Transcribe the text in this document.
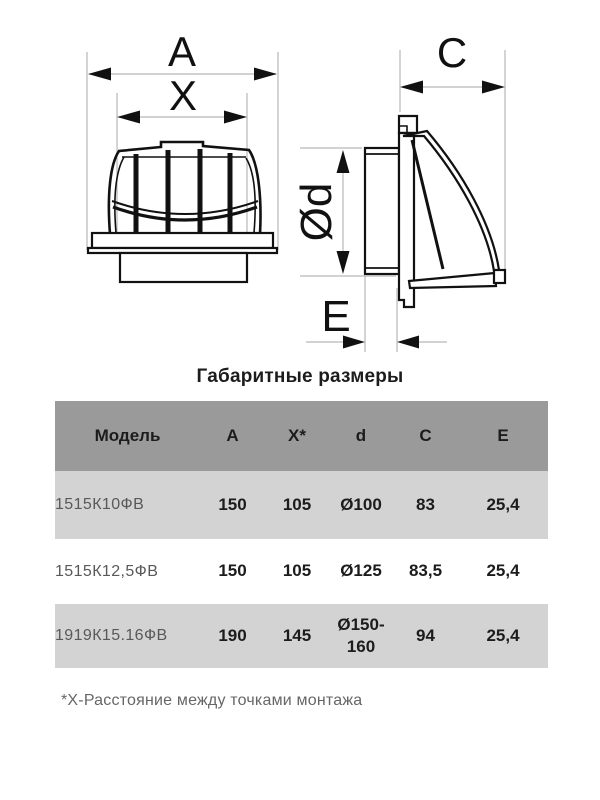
A
X
C
Ød
E
Габаритные размеры
Модель	A	X*	d	C	E
1515К10ФВ	150	105	Ø100	83	25,4
1515К12,5ФВ	150	105	Ø125	83,5	25,4
1919К15.16ФВ	190	145	Ø150-160	94	25,4
*Х-Расстояние между точками монтажа
